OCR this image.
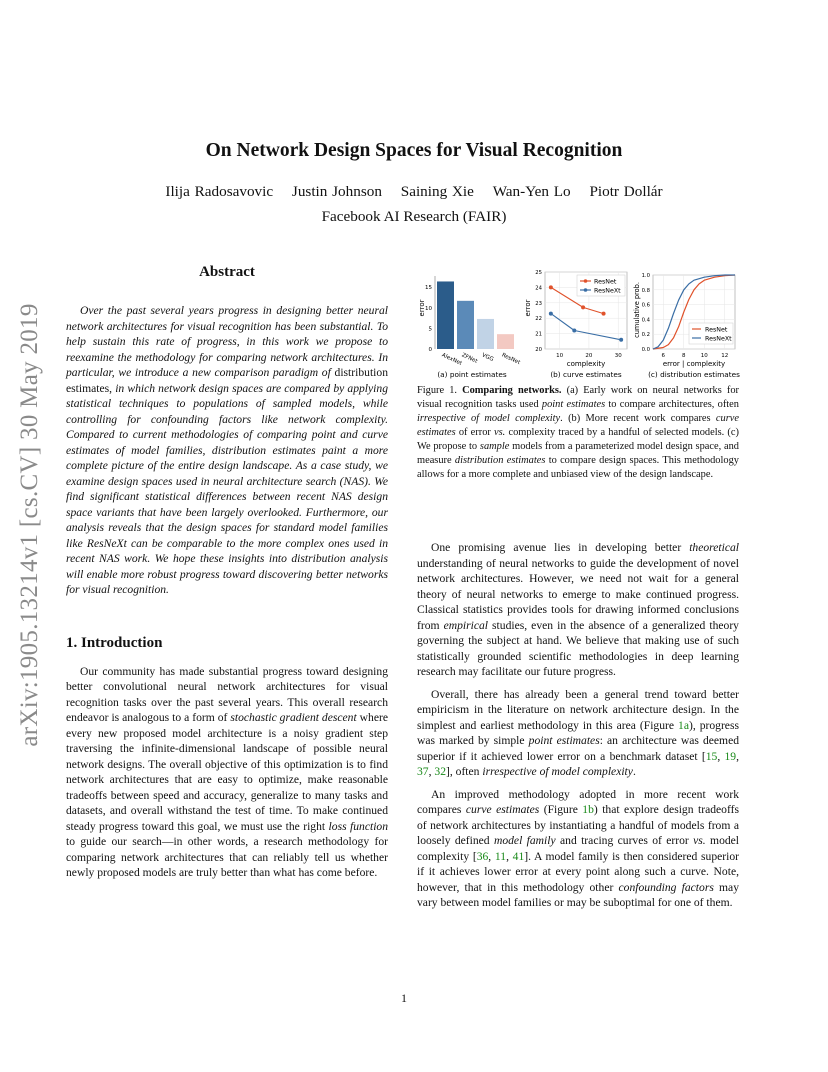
arXiv:1905.13214v1 [cs.CV] 30 May 2019
On Network Design Spaces for Visual Recognition
Ilija Radosavovic Justin Johnson Saining Xie Wan-Yen Lo Piotr Dollár
Facebook AI Research (FAIR)
Abstract

Over the past several years progress in designing better neural network architectures for visual recognition has been substantial. To help sustain this rate of progress, in this work we propose to reexamine the methodology for comparing network architectures. In particular, we introduce a new comparison paradigm of distribution estimates, in which network design spaces are compared by applying statistical techniques to populations of sampled models, while controlling for confounding factors like network complexity. Compared to current methodologies of comparing point and curve estimates of model families, distribution estimates paint a more complete picture of the entire design landscape. As a case study, we examine design spaces used in neural architecture search (NAS). We find significant statistical differences between recent NAS design space variants that have been largely overlooked. Furthermore, our analysis reveals that the design spaces for standard model families like ResNeXt can be comparable to the more complex ones used in recent NAS work. We hope these insights into distribution analysis will enable more robust progress toward discovering better networks for visual recognition.

1. Introduction

Our community has made substantial progress toward designing better convolutional neural network architectures for visual recognition tasks over the past several years. This overall research endeavor is analogous to a form of stochastic gradient descent where every new proposed model architecture is a noisy gradient step traversing the infinite-dimensional landscape of possible neural network designs. The overall objective of this optimization is to find network architectures that are easy to optimize, make reasonable tradeoffs between speed and accuracy, generalize to many tasks and datasets, and overall withstand the test of time. To make continued steady progress toward this goal, we must use the right loss function to guide our search—in other words, a research methodology for comparing network architectures that can reliably tell us whether newly proposed models are truly better than what has come before.

error
0
5
10
15
AlexNet
ZFNet VGG ResNet
(a) point estimates
error
20
21
22
23
24
25
10	20	30
ResNet
ResNeXt
complexity
(b) curve estimates
cumulative prob.
0.0
0.2
0.4
0.6
0.8
1.0
6	8	10 12
ResNet
ResNeXt
error | complexity
(c) distribution estimates
Figure 1. Comparing networks. (a) Early work on neural networks for visual recognition tasks used point estimates to compare architectures, often irrespective of model complexity. (b) More recent work compares curve estimates of error vs. complexity traced by a handful of selected models. (c) We propose to sample models from a parameterized model design space, and measure distribution estimates to compare design spaces. This methodology allows for a more complete and unbiased view of the design landscape.

One promising avenue lies in developing better theoretical understanding of neural networks to guide the development of novel network architectures. However, we need not wait for a general theory of neural networks to emerge to make continued progress. Classical statistics provides tools for drawing informed conclusions from empirical studies, even in the absence of a generalized theory governing the subject at hand. We believe that making use of such statistically grounded scientific methodologies in deep learning research may facilitate our future progress.

Overall, there has already been a general trend toward better empiricism in the literature on network architecture design. In the simplest and earliest methodology in this area (Figure 1a), progress was marked by simple point estimates: an architecture was deemed superior if it achieved lower error on a benchmark dataset [15, 19, 37, 32], often irrespective of model complexity.

An improved methodology adopted in more recent work compares curve estimates (Figure 1b) that explore design tradeoffs of network architectures by instantiating a handful of models from a loosely defined model family and tracing curves of error vs. model complexity [36, 11, 41]. A model family is then considered superior if it achieves lower error at every point along such a curve. Note, however, that in this methodology other confounding factors may vary between model families or may be suboptimal for one of them.

1
